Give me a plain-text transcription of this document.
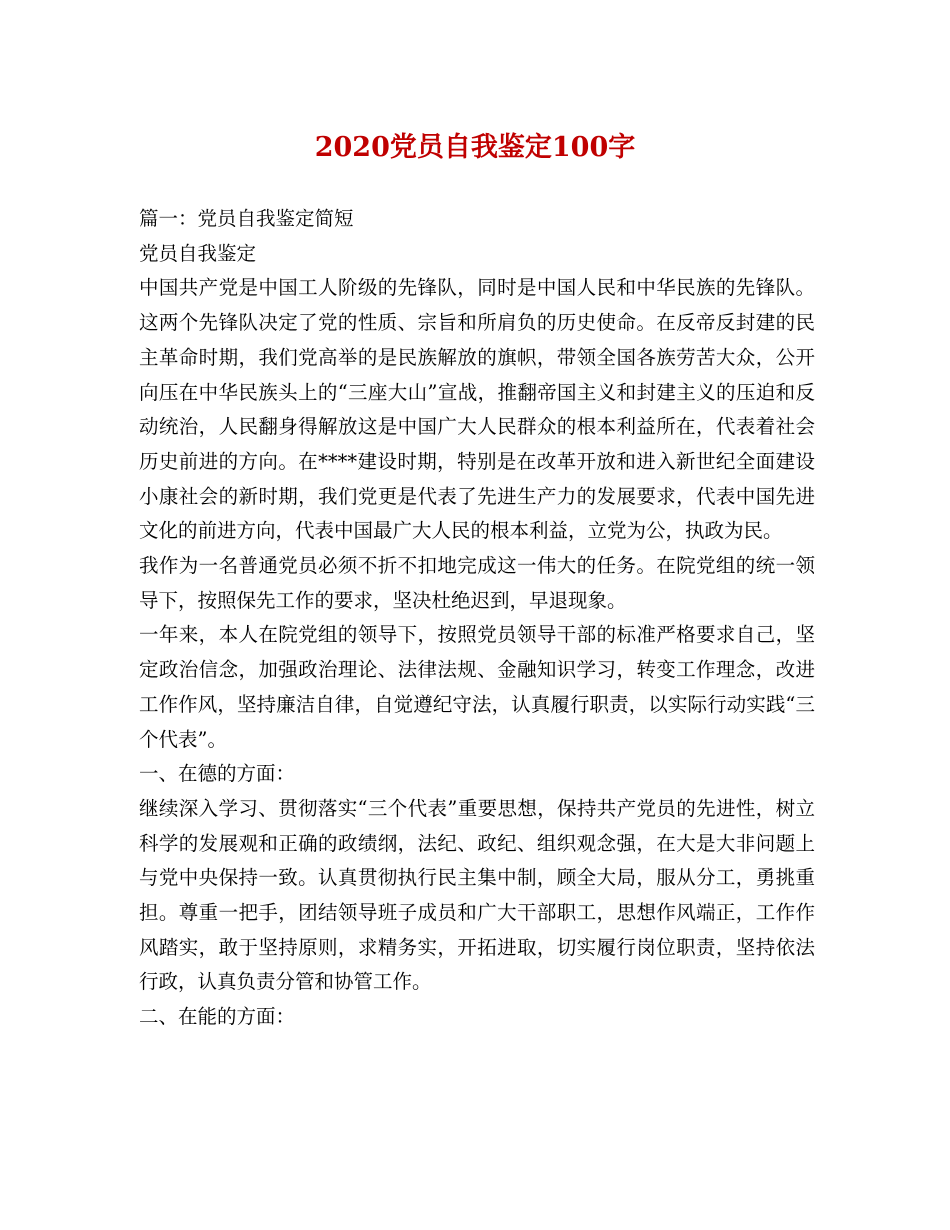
2020党员自我鉴定100字

篇一：党员自我鉴定简短

党员自我鉴定

中国共产党是中国工人阶级的先锋队，同时是中国人民和中华民族的先锋队。这两个先锋队决定了党的性质、宗旨和所肩负的历史使命。在反帝反封建的民主革命时期，我们党高举的是民族解放的旗帜，带领全国各族劳苦大众，公开向压在中华民族头上的“三座大山”宣战，推翻帝国主义和封建主义的压迫和反动统治，人民翻身得解放这是中国广大人民群众的根本利益所在，代表着社会历史前进的方向。在****建设时期，特别是在改革开放和进入新世纪全面建设小康社会的新时期，我们党更是代表了先进生产力的发展要求，代表中国先进文化的前进方向，代表中国最广大人民的根本利益，立党为公，执政为民。

我作为一名普通党员必须不折不扣地完成这一伟大的任务。在院党组的统一领导下，按照保先工作的要求，坚决杜绝迟到，早退现象。

一年来，本人在院党组的领导下，按照党员领导干部的标准严格要求自己，坚定政治信念，加强政治理论、法律法规、金融知识学习，转变工作理念，改进工作作风，坚持廉洁自律，自觉遵纪守法，认真履行职责，以实际行动实践“三个代表”。

一、在德的方面：

继续深入学习、贯彻落实“三个代表”重要思想，保持共产党员的先进性，树立科学的发展观和正确的政绩纲，法纪、政纪、组织观念强，在大是大非问题上与党中央保持一致。认真贯彻执行民主集中制，顾全大局，服从分工，勇挑重担。尊重一把手，团结领导班子成员和广大干部职工，思想作风端正，工作作风踏实，敢于坚持原则，求精务实，开拓进取，切实履行岗位职责，坚持依法行政，认真负责分管和协管工作。

二、在能的方面：
